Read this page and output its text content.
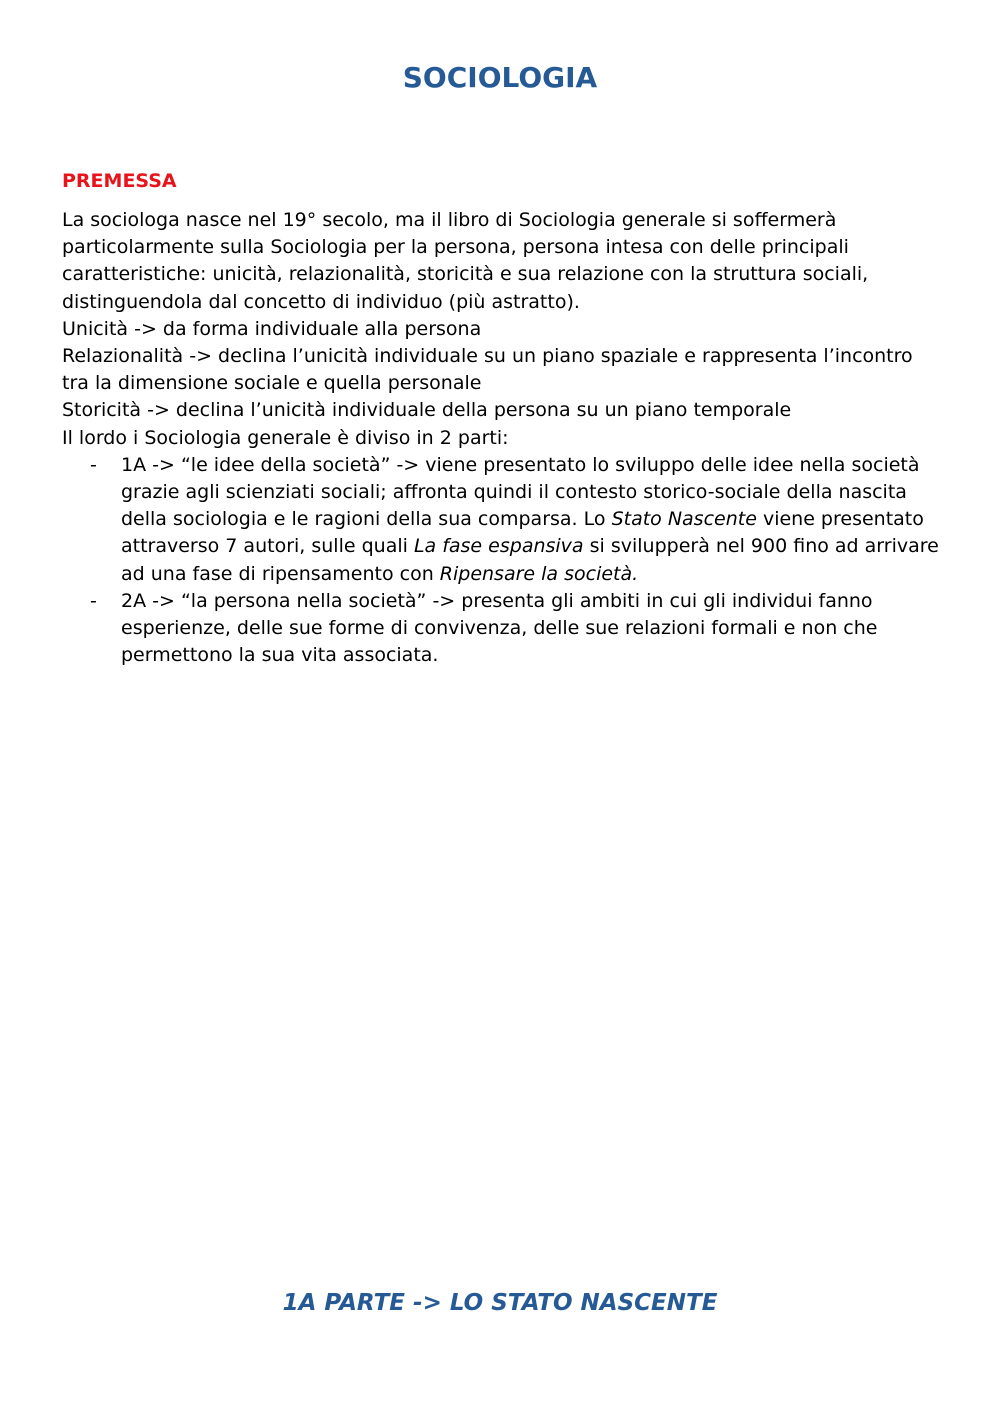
SOCIOLOGIA
PREMESSA

La sociologa nasce nel 19° secolo, ma il libro di Sociologia generale si soffermerà particolarmente sulla Sociologia per la persona, persona intesa con delle principali caratteristiche: unicità, relazionalità, storicità e sua relazione con la struttura sociali, distinguendola dal concetto di individuo (più astratto).

Unicità -> da forma individuale alla persona

Relazionalità -> declina l’unicità individuale su un piano spaziale e rappresenta l’incontro tra la dimensione sociale e quella personale

Storicità -> declina l’unicità individuale della persona su un piano temporale

Il lordo i Sociologia generale è diviso in 2 parti:

- 1A -> “le idee della società” -> viene presentato lo sviluppo delle idee nella società grazie agli scienziati sociali; affronta quindi il contesto storico-sociale della nascita della sociologia e le ragioni della sua comparsa. Lo Stato Nascente viene presentato attraverso 7 autori, sulle quali La fase espansiva si svilupperà nel 900 fino ad arrivare ad una fase di ripensamento con Ripensare la società.
- 2A -> “la persona nella società” -> presenta gli ambiti in cui gli individui fanno esperienze, delle sue forme di convivenza, delle sue relazioni formali e non che permettono la sua vita associata.
1A PARTE -> LO STATO NASCENTE
